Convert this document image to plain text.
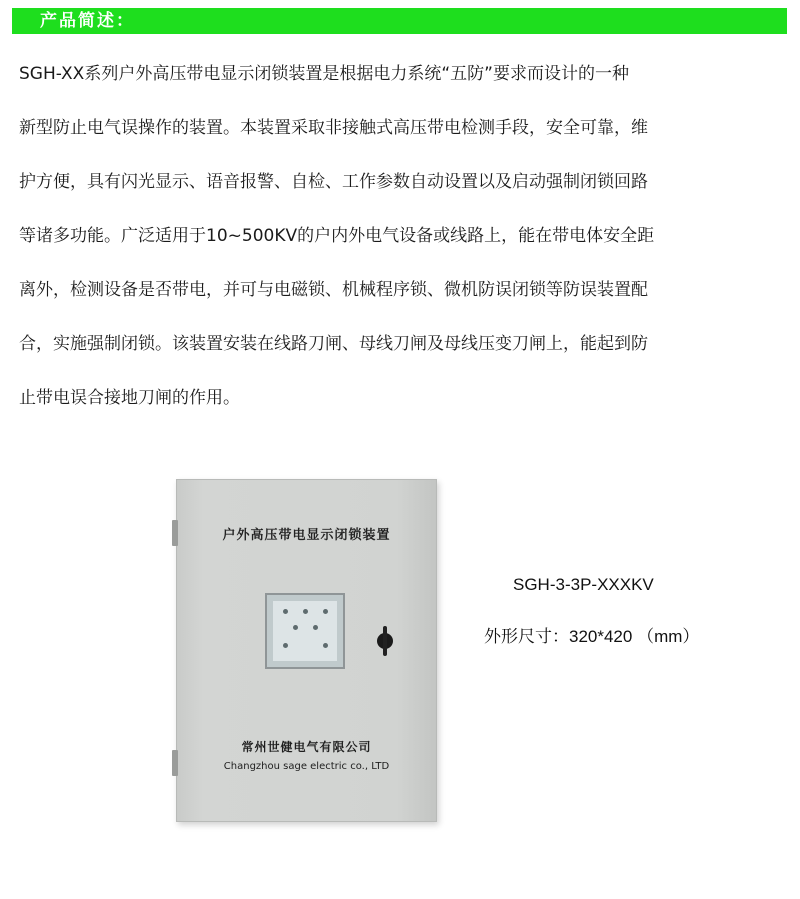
产品简述：
SGH-XX系列户外高压带电显示闭锁装置是根据电力系统“五防”要求而设计的一种
新型防止电气误操作的装置。本装置采取非接触式高压带电检测手段，安全可靠，维
护方便，具有闪光显示、语音报警、自检、工作参数自动设置以及启动强制闭锁回路
等诸多功能。广泛适用于10~500KV的户内外电气设备或线路上，能在带电体安全距
离外，检测设备是否带电，并可与电磁锁、机械程序锁、微机防误闭锁等防误装置配
合，实施强制闭锁。该装置安装在线路刀闸、母线刀闸及母线压变刀闸上，能起到防
止带电误合接地刀闸的作用。
户外高压带电显示闭锁装置
常州世健电气有限公司
Changzhou sage electric co., LTD
SGH-3-3P-XXXKV
外形尺寸：320*420 （mm）
